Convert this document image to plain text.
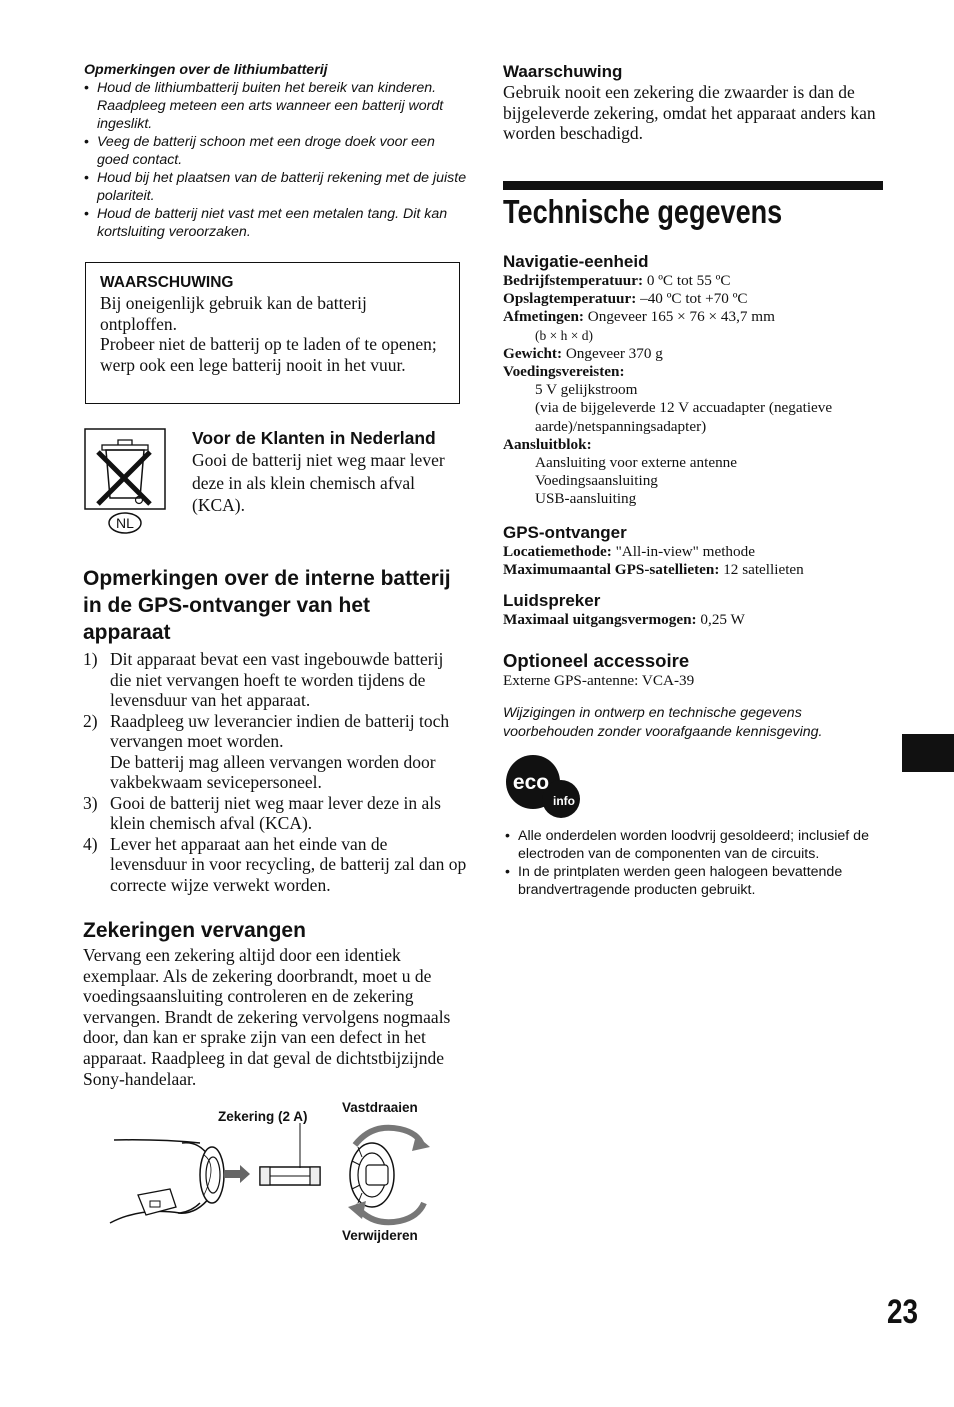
Opmerkingen over de lithiumbatterij
• Houd de lithiumbatterij buiten het bereik van kinderen. Raadpleeg meteen een arts wanneer een batterij wordt ingeslikt.
• Veeg de batterij schoon met een droge doek voor een goed contact.
• Houd bij het plaatsen van de batterij rekening met de juiste polariteit.
• Houd de batterij niet vast met een metalen tang. Dit kan kortsluiting veroorzaken.
WAARSCHUWING
Bij oneigenlijk gebruik kan de batterij ontploffen.
Probeer niet de batterij op te laden of te openen; werp ook een lege batterij nooit in het vuur.
NL
Voor de Klanten in Nederland
Gooi de batterij niet weg maar lever deze in als klein chemisch afval (KCA).
Opmerkingen over de interne batterij in de GPS-ontvanger van het apparaat
1) Dit apparaat bevat een vast ingebouwde batterij die niet vervangen hoeft te worden tijdens de levensduur van het apparaat.
2) Raadpleeg uw leverancier indien de batterij toch vervangen moet worden.
De batterij mag alleen vervangen worden door vakbekwaam sevicepersoneel.
3) Gooi de batterij niet weg maar lever deze in als klein chemisch afval (KCA).
4) Lever het apparaat aan het einde van de levensduur in voor recycling, de batterij zal dan op correcte wijze verwekt worden.
Zekeringen vervangen
Vervang een zekering altijd door een identiek exemplaar. Als de zekering doorbrandt, moet u de voedingsaansluiting controleren en de zekering vervangen. Brandt de zekering vervolgens nogmaals door, dan kan er sprake zijn van een defect in het apparaat. Raadpleeg in dat geval de dichtstbijzijnde Sony-handelaar.
Zekering (2 A)
Vastdraaien
Verwijderen
Waarschuwing
Gebruik nooit een zekering die zwaarder is dan de bijgeleverde zekering, omdat het apparaat anders kan worden beschadigd.
Technische gegevens
Navigatie-eenheid
Bedrijfstemperatuur: 0 ºC tot 55 ºC
Opslagtemperatuur: –40 ºC tot +70 ºC
Afmetingen: Ongeveer 165 × 76 × 43,7 mm
(b × h × d)
Gewicht: Ongeveer 370 g
Voedingsvereisten:
5 V gelijkstroom
(via de bijgeleverde 12 V accuadapter (negatieve aarde)/netspanningsadapter)
Aansluitblok:
Aansluiting voor externe antenne
Voedingsaansluiting
USB-aansluiting
GPS-ontvanger
Locatiemethode: "All-in-view" methode
Maximumaantal GPS-satellieten: 12 satellieten
Luidspreker
Maximaal uitgangsvermogen: 0,25 W
Optioneel accessoire
Externe GPS-antenne: VCA-39
Wijzigingen in ontwerp en technische gegevens voorbehouden zonder voorafgaande kennisgeving.
eco
info
• Alle onderdelen worden loodvrij gesoldeerd; inclusief de electroden van de componenten van de circuits.
• In de printplaten werden geen halogeen bevattende brandvertragende producten gebruikt.
23
